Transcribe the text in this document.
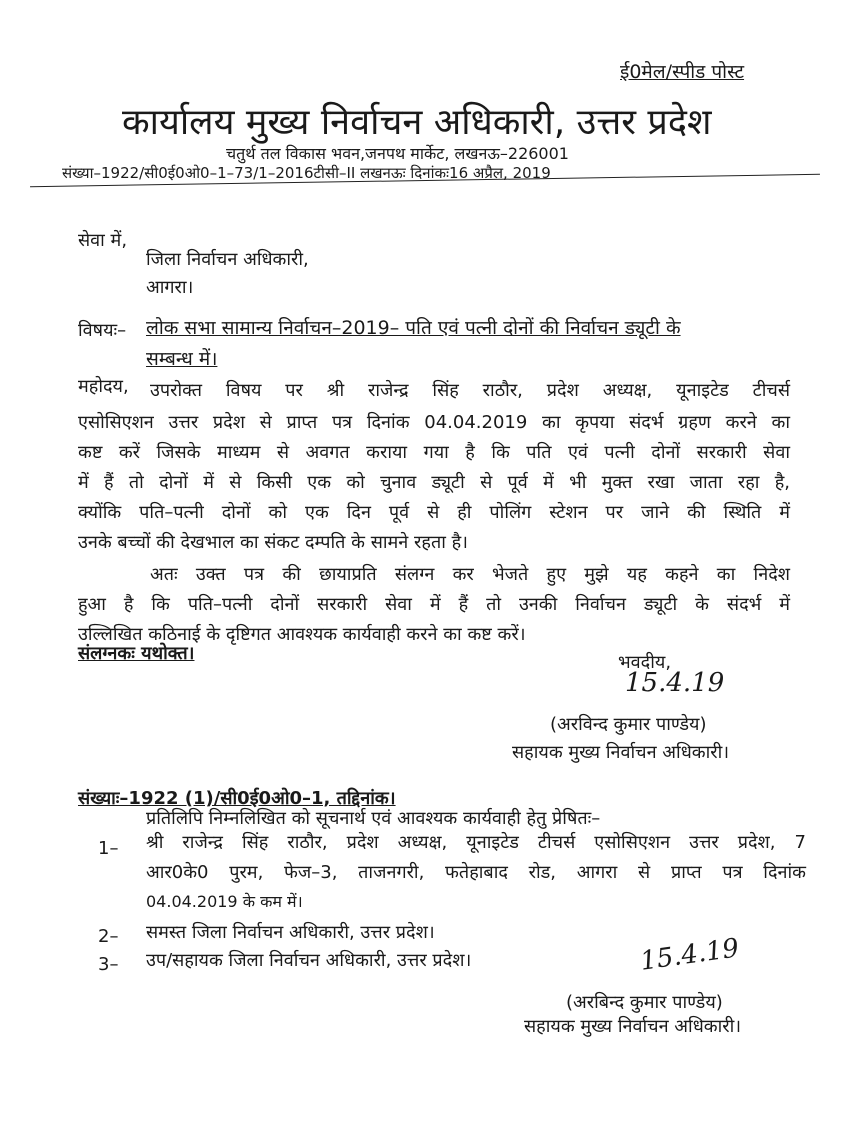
ई0मेल/स्पीड पोस्ट
कार्यालय मुख्य निर्वाचन अधिकारी, उत्तर प्रदेश
चतुर्थ तल विकास भवन,जनपथ मार्केट, लखनऊ–226001
संख्या–1922/सी0ई0ओ0–1–73/1–2016टीसी–II लखनऊः दिनांकः16 अप्रैल, 2019
सेवा में,
जिला निर्वाचन अधिकारी,
आगरा।
विषयः– लोक सभा सामान्य निर्वाचन–2019– पति एवं पत्नी दोनों की निर्वाचन ड्यूटी के
सम्बन्ध में।
महोदय, उपरोक्त विषय पर श्री राजेन्द्र सिंह राठौर, प्रदेश अध्यक्ष, यूनाइटेड टीचर्स
एसोसिएशन उत्तर प्रदेश से प्राप्त पत्र दिनांक 04.04.2019 का कृपया संदर्भ ग्रहण करने का
कष्ट करें जिसके माध्यम से अवगत कराया गया है कि पति एवं पत्नी दोनों सरकारी सेवा
में हैं तो दोनों में से किसी एक को चुनाव ड्यूटी से पूर्व में भी मुक्त रखा जाता रहा है,
क्योंकि पति–पत्नी दोनों को एक दिन पूर्व से ही पोलिंग स्टेशन पर जाने की स्थिति में
उनके बच्चों की देखभाल का संकट दम्पति के सामने रहता है।
अतः उक्त पत्र की छायाप्रति संलग्न कर भेजते हुए मुझे यह कहने का निदेश
हुआ है कि पति–पत्नी दोनों सरकारी सेवा में हैं तो उनकी निर्वाचन ड्यूटी के संदर्भ में
उल्लिखित कठिनाई के दृष्टिगत आवश्यक कार्यवाही करने का कष्ट करें।
संलग्नकः यथोक्त।	भवदीय,
15.4.19
(अरविन्द कुमार पाण्डेय)
सहायक मुख्य निर्वाचन अधिकारी।
संख्याः–1922 (1)/सी0ई0ओ0–1, तद्दिनांक।
प्रतिलिपि निम्नलिखित को सूचनार्थ एवं आवश्यक कार्यवाही हेतु प्रेषितः–
1– श्री राजेन्द्र सिंह राठौर, प्रदेश अध्यक्ष, यूनाइटेड टीचर्स एसोसिएशन उत्तर प्रदेश, 7
आर0के0 पुरम, फेज–3, ताजनगरी, फतेहाबाद रोड, आगरा से प्राप्त पत्र दिनांक
04.04.2019 के कम में।
2– समस्त जिला निर्वाचन अधिकारी, उत्तर प्रदेश।
3– उप/सहायक जिला निर्वाचन अधिकारी, उत्तर प्रदेश।	15.4.19
(अरबिन्द कुमार पाण्डेय)
सहायक मुख्य निर्वाचन अधिकारी।
